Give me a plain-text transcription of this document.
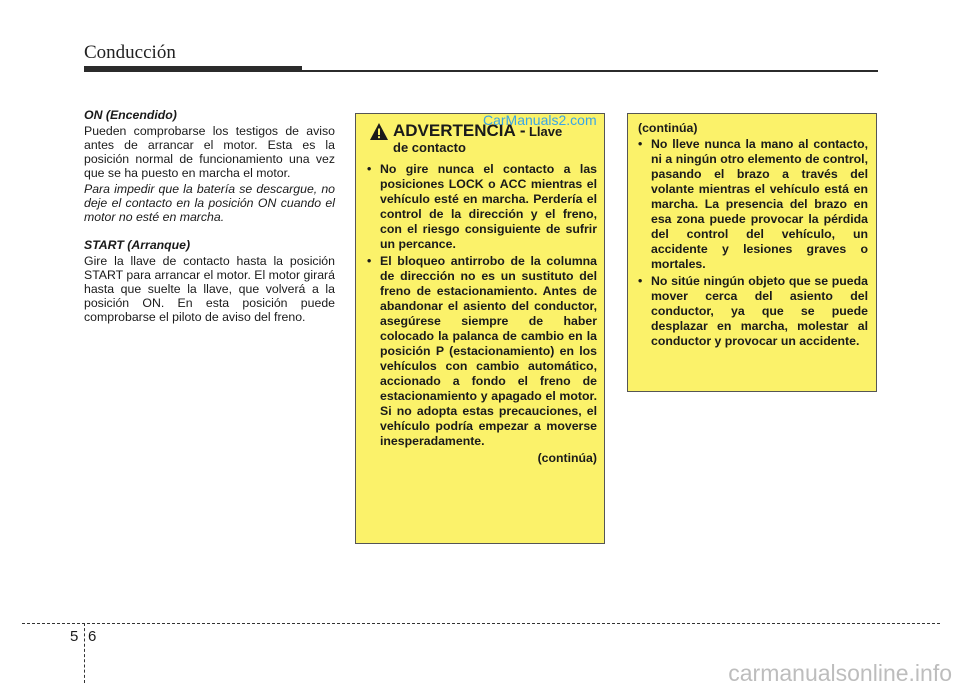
Conducción
ON (Encendido)

Pueden comprobarse los testigos de aviso antes de arrancar el motor. Esta es la posición normal de funcionamiento una vez que se ha puesto en marcha el motor.

Para impedir que la batería se descargue, no deje el contacto en la posición ON cuando el motor no esté en marcha.

START (Arranque)

Gire la llave de contacto hasta la posición START para arrancar el motor. El motor girará hasta que suelte la llave, que volverá a la posición ON. En esta posición puede comprobarse el piloto de aviso del freno.

ADVERTENCIA - Llave
de contacto
• No gire nunca el contacto a las posiciones LOCK o ACC mientras el vehículo esté en marcha. Perdería el control de la dirección y el freno, con el riesgo consiguiente de sufrir un percance.
• El bloqueo antirrobo de la columna de dirección no es un sustituto del freno de estacionamiento. Antes de abandonar el asiento del conductor, asegúrese siempre de haber colocado la palanca de cambio en la posición P (estacionamiento) en los vehículos con cambio automático, accionado a fondo el freno de estacionamiento y apagado el motor. Si no adopta estas precauciones, el vehículo podría empezar a moverse inesperadamente.
(continúa)
CarManuals2.com	(continúa)
• No lleve nunca la mano al contacto, ni a ningún otro elemento de control, pasando el brazo a través del volante mientras el vehículo está en marcha. La presencia del brazo en esa zona puede provocar la pérdida del control del vehículo, un accidente y lesiones graves o mortales.
• No sitúe ningún objeto que se pueda mover cerca del asiento del conductor, ya que se puede desplazar en marcha, molestar al conductor y provocar un accidente.
5 6
carmanualsonline.info
